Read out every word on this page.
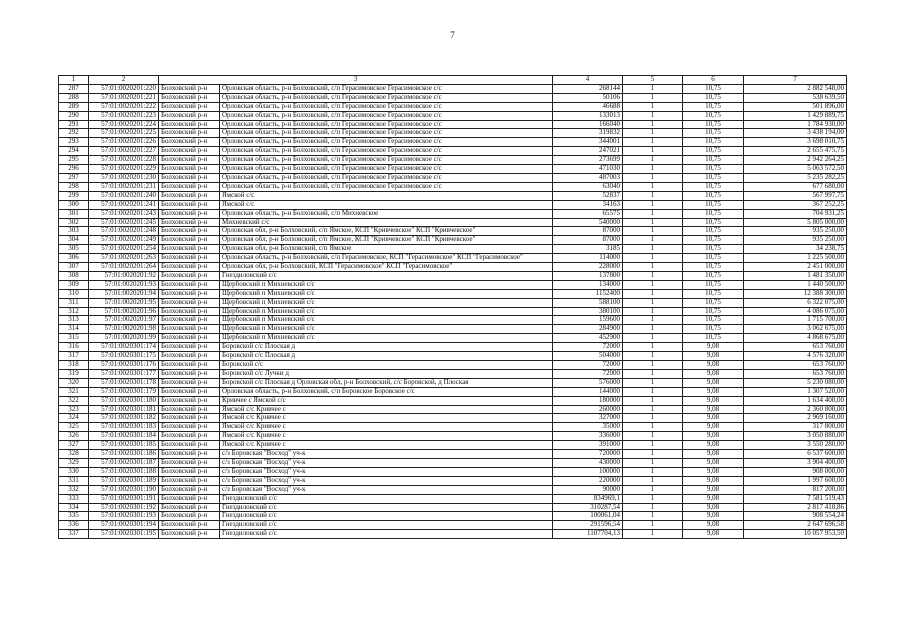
7
1	2	3		4	5	6	7
287	57:01:0020201:220	Болховский р-н	Орловская область, р-н Болховский, с/п Герасимовское Герасимовское с/с	268144	1	10,75	2 882 548,00
288	57:01:0020201:221	Болховский р-н	Орловская область, р-н Болховский, с/п Герасимовское Герасимовское с/с	50106	1	10,75	538 639,50
289	57:01:0020201:222	Болховский р-н	Орловская область, р-н Болховский, с/п Герасимовское Герасимовское с/с	46688	1	10,75	501 896,00
290	57:01:0020201:223	Болховский р-н	Орловская область, р-н Болховский, с/п Герасимовское Герасимовское с/с	133013	1	10,75	1 429 889,75
291	57:01:0020201:224	Болховский р-н	Орловская область, р-н Болховский, с/п Герасимовское Герасимовское с/с	166040	1	10,75	1 784 930,00
292	57:01:0020201:225	Болховский р-н	Орловская область, р-н Болховский, с/п Герасимовское Герасимовское с/с	319832	1	10,75	3 438 194,00
293	57:01:0020201:226	Болховский р-н	Орловская область, р-н Болховский, с/п Герасимовское Герасимовское с/с	344001	1	10,75	3 698 010,75
294	57:01:0020201:227	Болховский р-н	Орловская область, р-н Болховский, с/п Герасимовское Герасимовское с/с	247021	1	10,75	2 655 475,75
295	57:01:0020201:228	Болховский р-н	Орловская область, р-н Болховский, с/п Герасимовское Герасимовское с/с	273699	1	10,75	2 942 264,25
296	57:01:0020201:229	Болховский р-н	Орловская область, р-н Болховский, с/п Герасимовское Герасимовское с/с	471030	1	10,75	5 063 572,50
297	57:01:0020201:230	Болховский р-н	Орловская область, р-н Болховский, с/п Герасимовское Герасимовское с/с	487003	1	10,75	5 235 282,25
298	57:01:0020201:231	Болховский р-н	Орловская область, р-н Болховский, с/п Герасимовское Герасимовское с/с	63040	1	10,75	677 680,00
299	57:01:0020201:240	Болховский р-н	Ямской с/с	52837	1	10,75	567 997,75
300	57:01:0020201:241	Болховский р-н	Ямской с/с	34163	1	10,75	367 252,25
301	57:01:0020201:243	Болховский р-н	Орловская область, р-н Болховский, с/п Михневское	65575	1	10,75	704 931,25
302	57:01:0020201:245	Болховский р-н	Михневский с/с	540000	1	10,75	5 805 000,00
303	57:01:0020201:248	Болховский р-н	Орловская обл, р-н Болховский, с/п Ямское, КСП "Кривчевское" КСП "Кривчевское"	87000	1	10,75	935 250,00
304	57:01:0020201:249	Болховский р-н	Орловская обл, р-н Болховский, с/п Ямское, КСП "Кривчевское" КСП "Кривчевское"	87000	1	10,75	935 250,00
305	57:01:0020201:254	Болховский р-н	Орловская обл, р-н Болховский, с/п Ямское	3185	1	10,75	34 238,75
306	57:01:0020201:263	Болховский р-н	Орловская область, р-н Болховский, с/п Герасимовское, КСП "Герасимовское" КСП "Герасимовское"	114000	1	10,75	1 225 500,00
307	57:01:0020201:264	Болховский р-н	Орловская обл, р-н Болховский, КСП "Герасимовское" КСП "Герасимовское"	228000	1	10,75	2 451 000,00
308	57:01:0020201:92	Болховский р-н	Гнездиловский с/с	137800	1	10,75	1 481 350,00
309	57:01:0020201:93	Болховский р-н	Щербовский п Михневский с/с	134000	1	10,75	1 440 500,00
310	57:01:0020201:94	Болховский р-н	Щербовский п Михневский с/с	1152400	1	10,75	12 388 300,00
311	57:01:0020201:95	Болховский р-н	Щербовский п Михневский с/с	588100	1	10,75	6 322 075,00
312	57:01:0020201:96	Болховский р-н	Щербовский п Михневский с/с	380100	1	10,75	4 086 075,00
313	57:01:0020201:97	Болховский р-н	Щербовский п Михневский с/с	159600	1	10,75	1 715 700,00
314	57:01:0020201:98	Болховский р-н	Щербовский п Михневский с/с	284900	1	10,75	3 062 675,00
315	57:01:0020201:99	Болховский р-н	Щербовский п Михневский с/с	452900	1	10,75	4 868 675,00
316	57:01:0020301:174	Болховский р-н	Боровской с/с Плоская д	72000	1	9,08	653 760,00
317	57:01:0020301:175	Болховский р-н	Боровской с/с Плоская д	504000	1	9,08	4 576 320,00
318	57:01:0020301:176	Болховский р-н	Боровской с/с	72000	1	9,08	653 760,00
319	57:01:0020301:177	Болховский р-н	Боровской с/с Лучки д	72000	1	9,08	653 760,00
320	57:01:0020301:178	Болховский р-н	Боровской с/с Плоская д Орловская обл, р-н Болховский, с/с Боровской, д Плоская	576000	1	9,08	5 230 080,00
321	57:01:0020301:179	Болховский р-н	Орловская область, р-н Болховский, с/п Боровское Боровское с/с	144000	1	9,08	1 307 520,00
322	57:01:0020301:180	Болховский р-н	Кривчее с Ямской с/с	180000	1	9,08	1 634 400,00
323	57:01:0020301:181	Болховский р-н	Ямской с/с Кривчее с	260000	1	9,08	2 360 800,00
324	57:01:0020301:182	Болховский р-н	Ямской с/с Кривчее с	327000	1	9,08	2 969 160,00
325	57:01:0020301:183	Болховский р-н	Ямской с/с Кривчее с	35000	1	9,08	317 800,00
326	57:01:0020301:184	Болховский р-н	Ямской с/с Кривчее с	336000	1	9,08	3 050 880,00
327	57:01:0020301:185	Болховский р-н	Ямской с/с Кривчее с	391000	1	9,08	3 550 280,00
328	57:01:0020301:186	Болховский р-н	с/з Боровская "Восход" уч-к	720000	1	9,08	6 537 600,00
329	57:01:0020301:187	Болховский р-н	с/з Боровская "Восход" уч-к	430000	1	9,08	3 904 400,00
330	57:01:0020301:188	Болховский р-н	с/з Боровская "Восход" уч-к	100000	1	9,08	908 000,00
331	57:01:0020301:189	Болховский р-н	с/з Боровская "Восход" уч-к	220000	1	9,08	1 997 600,00
332	57:01:0020301:190	Болховский р-н	с/з Боровская "Восход" уч-к	90000	1	9,08	817 200,00
333	57:01:0020301:191	Болховский р-н	Гнездиловский с/с	834969,1	1	9,08	7 581 519,43
334	57:01:0020301:192	Болховский р-н	Гнездиловский с/с	310287,54	1	9,08	2 817 410,86
335	57:01:0020301:193	Болховский р-н	Гнездиловский с/с	100061,04	1	9,08	908 554,24
336	57:01:0020301:194	Болховский р-н	Гнездиловский с/с	291596,54	1	9,08	2 647 696,58
337	57:01:0020301:195	Болховский р-н	Гнездиловский с/с	1107704,13	1	9,08	10 057 953,50
